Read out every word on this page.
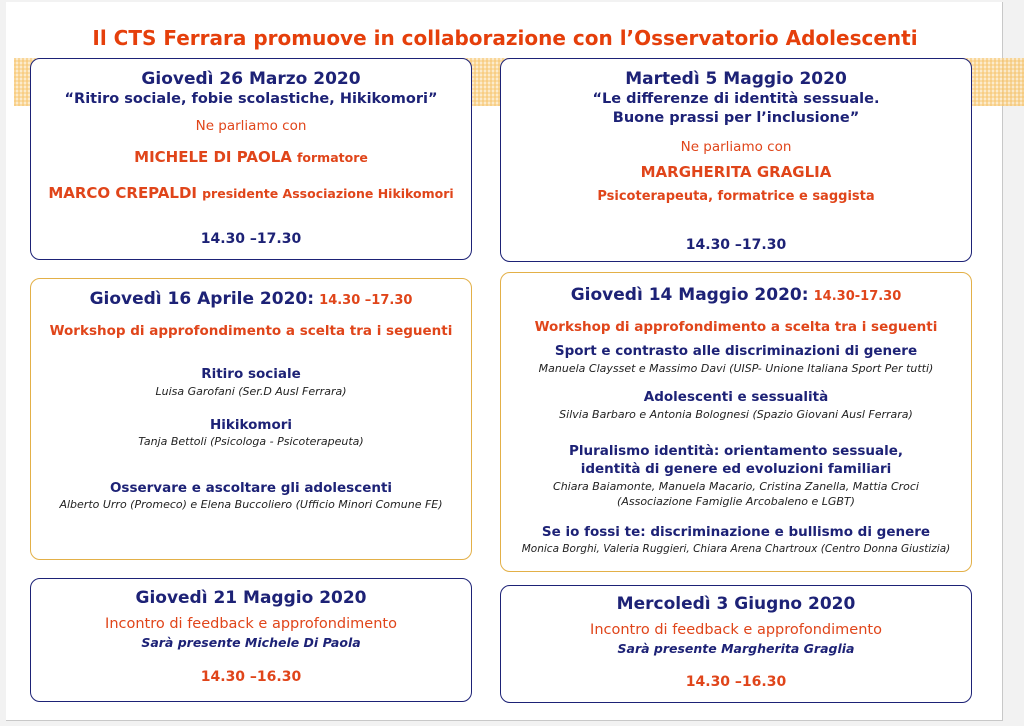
Il CTS Ferrara promuove in collaborazione con l’Osservatorio Adolescenti
Giovedì 26 Marzo 2020
“Ritiro sociale, fobie scolastiche, Hikikomori”
Ne parliamo con
MICHELE DI PAOLA formatore
MARCO CREPALDI presidente Associazione Hikikomori
14.30 –17.30
Martedì 5 Maggio 2020
“Le differenze di identità sessuale.
Buone prassi per l’inclusione”
Ne parliamo con
MARGHERITA GRAGLIA
Psicoterapeuta, formatrice e saggista
14.30 –17.30
Giovedì 16 Aprile 2020: 14.30 –17.30
Workshop di approfondimento a scelta tra i seguenti
Ritiro sociale
Luisa Garofani (Ser.D Ausl Ferrara)
Hikikomori
Tanja Bettoli (Psicologa - Psicoterapeuta)
Osservare e ascoltare gli adolescenti
Alberto Urro (Promeco) e Elena Buccoliero (Ufficio Minori Comune FE)
Giovedì 14 Maggio 2020: 14.30-17.30
Workshop di approfondimento a scelta tra i seguenti
Sport e contrasto alle discriminazioni di genere
Manuela Claysset e Massimo Davi (UISP- Unione Italiana Sport Per tutti)
Adolescenti e sessualità
Silvia Barbaro e Antonia Bolognesi (Spazio Giovani Ausl Ferrara)
Pluralismo identità: orientamento sessuale,
identità di genere ed evoluzioni familiari
Chiara Baiamonte, Manuela Macario, Cristina Zanella, Mattia Croci
(Associazione Famiglie Arcobaleno e LGBT)
Se io fossi te: discriminazione e bullismo di genere
Monica Borghi, Valeria Ruggieri, Chiara Arena Chartroux (Centro Donna Giustizia)
Giovedì 21 Maggio 2020
Incontro di feedback e approfondimento
Sarà presente Michele Di Paola
14.30 –16.30
Mercoledì 3 Giugno 2020
Incontro di feedback e approfondimento
Sarà presente Margherita Graglia
14.30 –16.30
